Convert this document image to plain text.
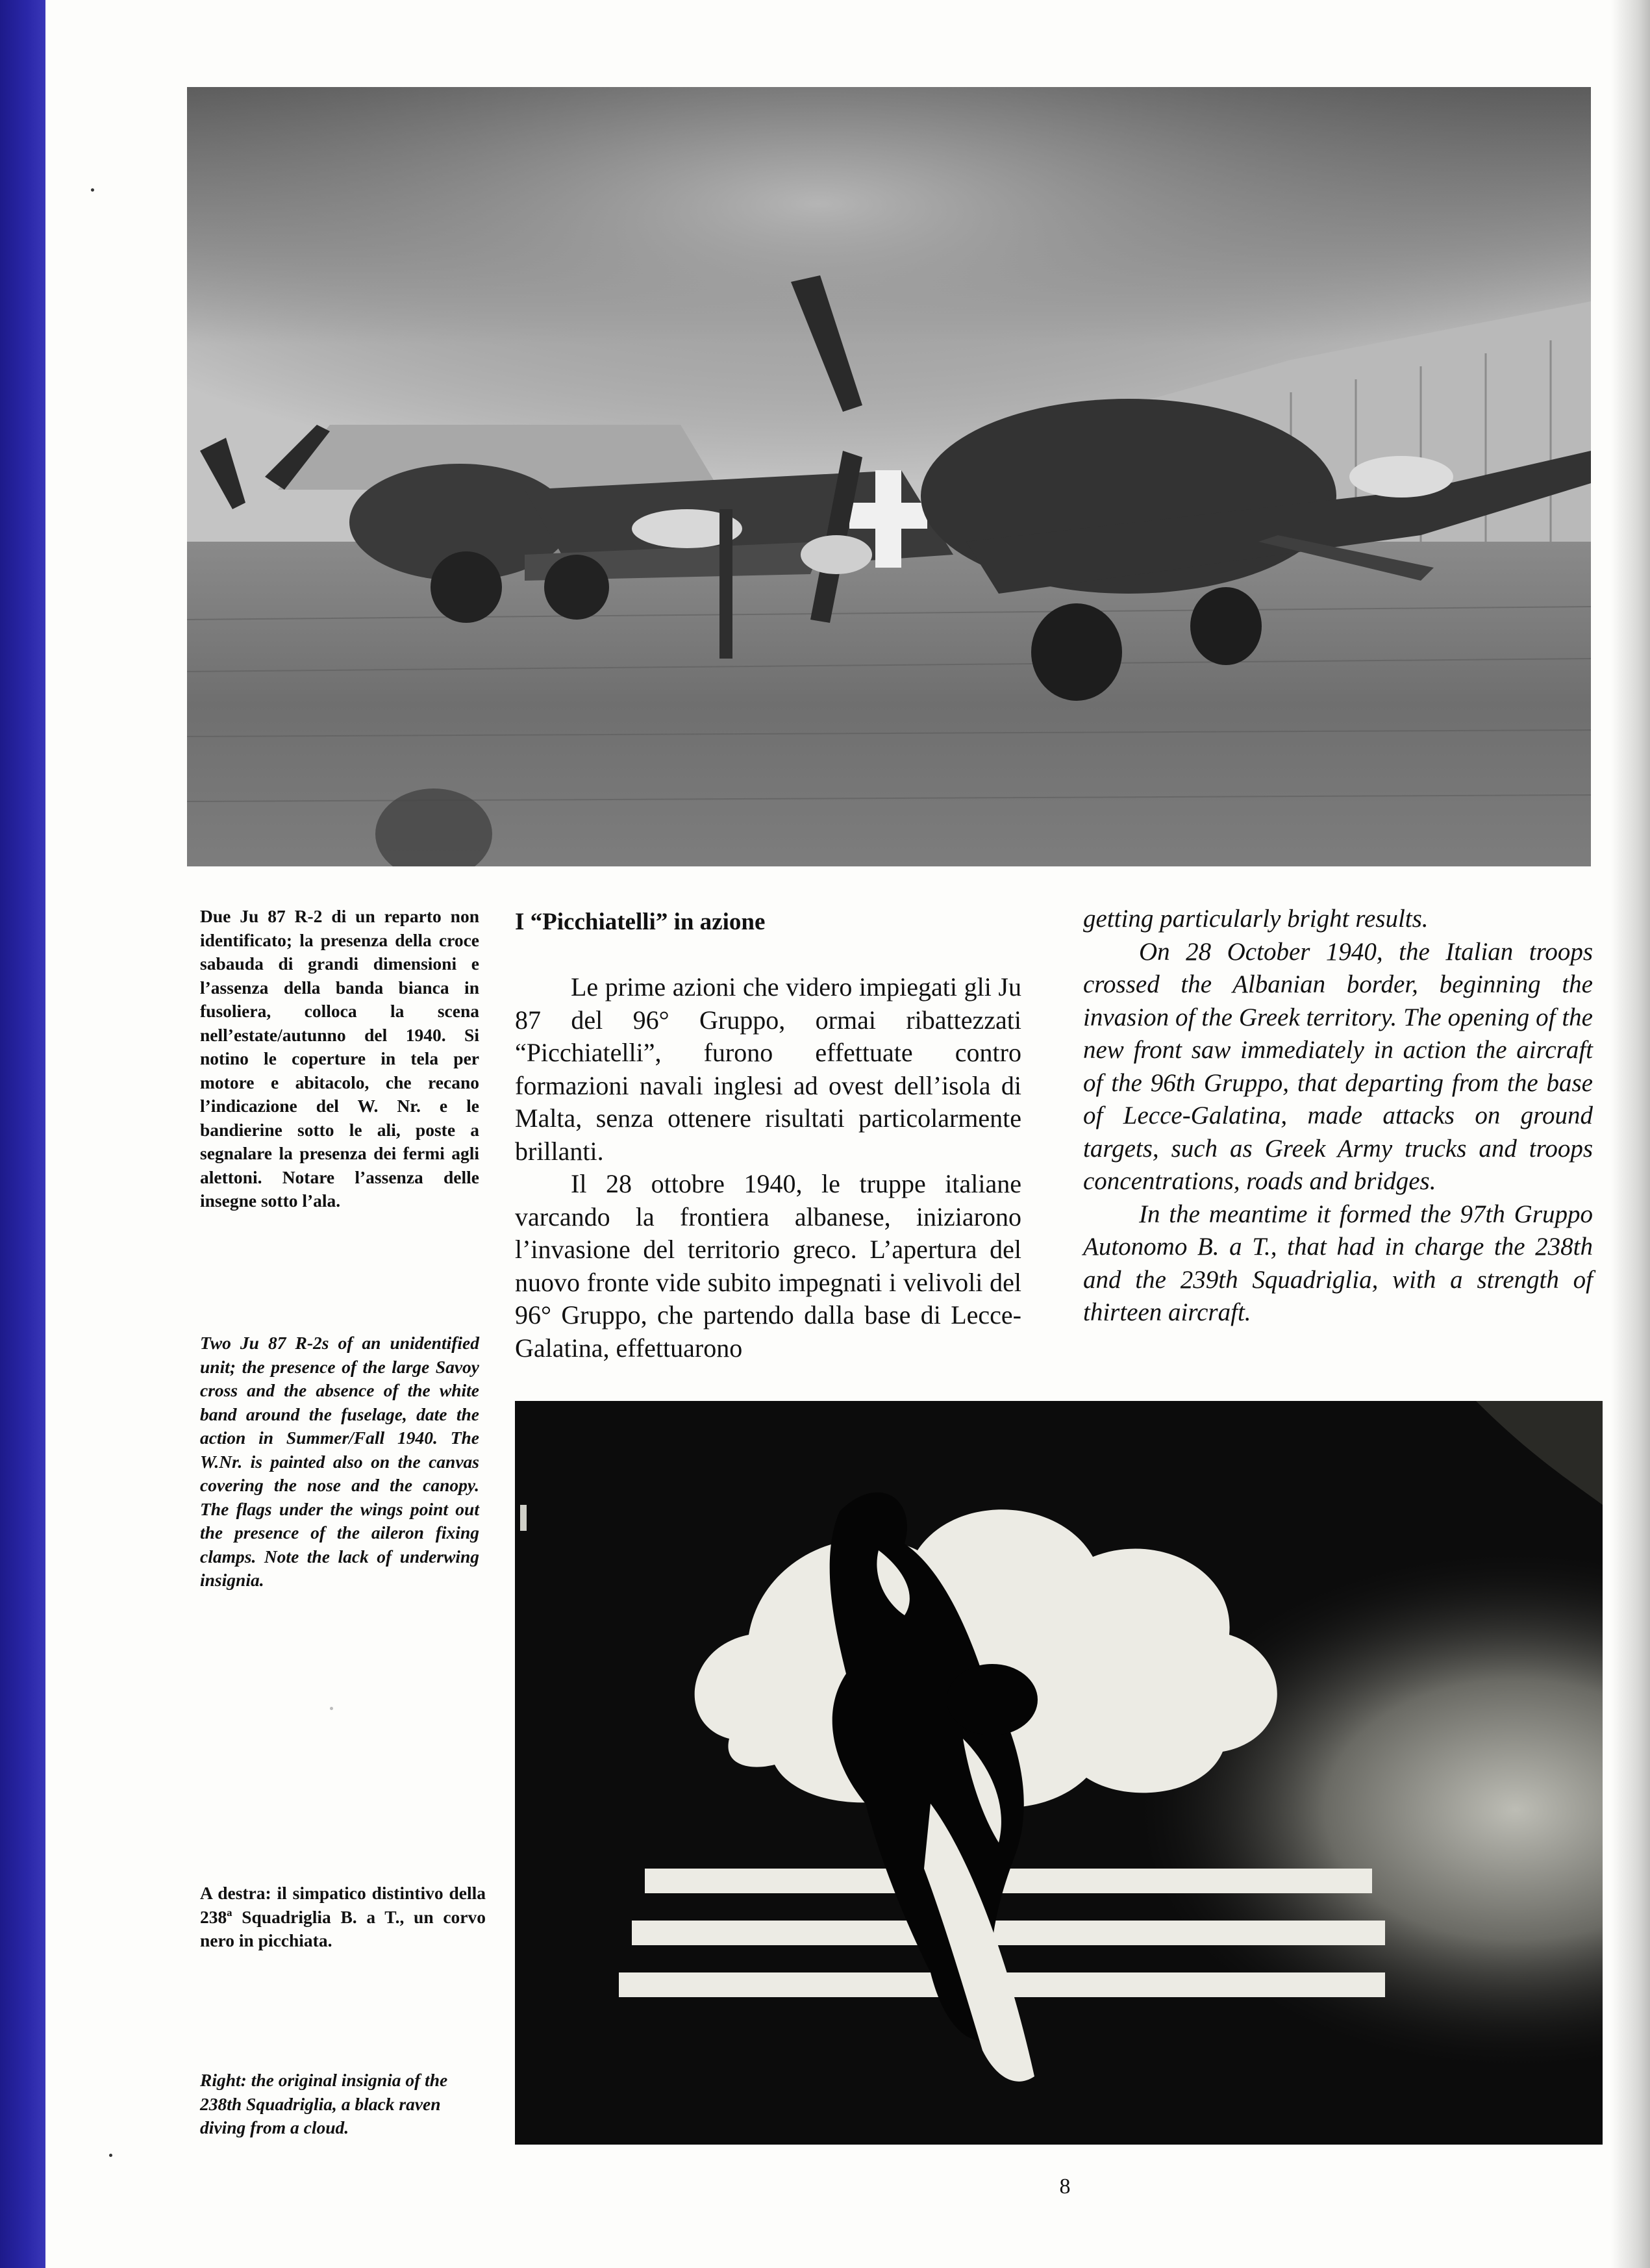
Due Ju 87 R-2 di un reparto non identificato; la presenza della croce sabauda di grandi dimensioni e l’assenza della banda bianca in fusoliera, colloca la scena nell’estate/autunno del 1940. Si notino le coperture in tela per motore e abitacolo, che recano l’indicazione del W. Nr. e le bandierine sotto le ali, poste a segnalare la presenza dei fermi agli alettoni. Notare l’assenza delle insegne sotto l’ala.
Two Ju 87 R-2s of an unidentified unit; the presence of the large Savoy cross and the absence of the white band around the fuselage, date the action in Summer/Fall 1940. The W.Nr. is painted also on the canvas covering the nose and the canopy. The flags under the wings point out the presence of the aileron fixing clamps. Note the lack of underwing insignia.
A destra: il simpatico distintivo della 238ª Squadriglia B. a T., un corvo nero in picchiata.
Right: the original insignia of the 238th Squadriglia, a black raven diving from a cloud.
I “Picchiatelli” in azione

Le prime azioni che videro impiegati gli Ju 87 del 96° Gruppo, ormai ribattezzati “Picchiatelli”, furono effettuate contro formazioni navali inglesi ad ovest dell’isola di Malta, senza ottenere risultati particolarmente brillanti.

Il 28 ottobre 1940, le truppe italiane varcando la frontiera albanese, iniziarono l’invasione del territorio greco. L’apertura del nuovo fronte vide subito impegnati i velivoli del 96° Gruppo, che partendo dalla base di Lecce-Galatina, effettuarono

getting particularly bright results.

On 28 October 1940, the Italian troops crossed the Albanian border, beginning the invasion of the Greek territory. The opening of the new front saw immediately in action the aircraft of the 96th Gruppo, that departing from the base of Lecce-Galatina, made attacks on ground targets, such as Greek Army trucks and troops concentrations, roads and bridges.

In the meantime it formed the 97th Gruppo Autonomo B. a T., that had in charge the 238th and the 239th Squadriglia, with a strength of thirteen aircraft.

8
